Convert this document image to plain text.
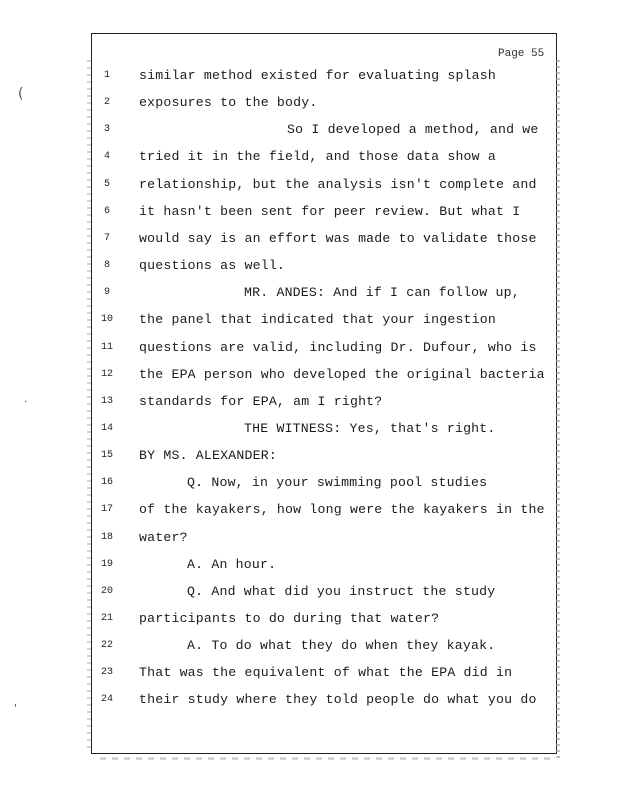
(
.
'
Page 55
1	similar method existed for evaluating splash
2	exposures to the body.
3	So I developed a method, and we
4	tried it in the field, and those data show a
5	relationship, but the analysis isn't complete and
6	it hasn't been sent for peer review. But what I
7	would say is an effort was made to validate those
8	questions as well.
9	MR. ANDES: And if I can follow up,
10	the panel that indicated that your ingestion
11	questions are valid, including Dr. Dufour, who is
12	the EPA person who developed the original bacteria
13	standards for EPA, am I right?
14	THE WITNESS: Yes, that's right.
15	BY MS. ALEXANDER:
16	Q. Now, in your swimming pool studies
17	of the kayakers, how long were the kayakers in the
18	water?
19	A. An hour.
20	Q. And what did you instruct the study
21	participants to do during that water?
22	A. To do what they do when they kayak.
23	That was the equivalent of what the EPA did in
24	their study where they told people do what you do
